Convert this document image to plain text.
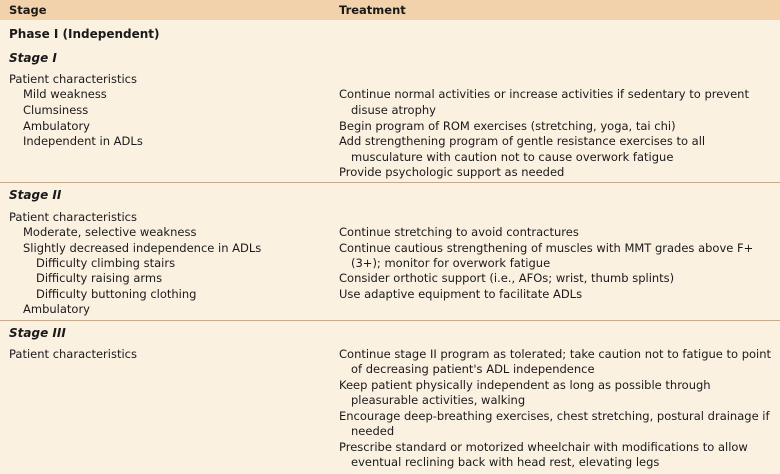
Stage	Treatment
Phase I (Independent)
Stage I
Patient characteristics
Mild weakness
Clumsiness
Ambulatory
Independent in ADLs
Continue normal activities or increase activities if sedentary to prevent
disuse atrophy
Begin program of ROM exercises (stretching, yoga, tai chi)
Add strengthening program of gentle resistance exercises to all
musculature with caution not to cause overwork fatigue
Provide psychologic support as needed
Stage II
Patient characteristics
Moderate, selective weakness
Slightly decreased independence in ADLs
Difficulty climbing stairs
Difficulty raising arms
Difficulty buttoning clothing
Ambulatory
Continue stretching to avoid contractures
Continue cautious strengthening of muscles with MMT grades above F+
(3+); monitor for overwork fatigue
Consider orthotic support (i.e., AFOs; wrist, thumb splints)
Use adaptive equipment to facilitate ADLs
Stage III
Patient characteristics	Continue stage II program as tolerated; take caution not to fatigue to point
of decreasing patient's ADL independence
Keep patient physically independent as long as possible through
pleasurable activities, walking
Encourage deep-breathing exercises, chest stretching, postural drainage if
needed
Prescribe standard or motorized wheelchair with modifications to allow
eventual reclining back with head rest, elevating legs
